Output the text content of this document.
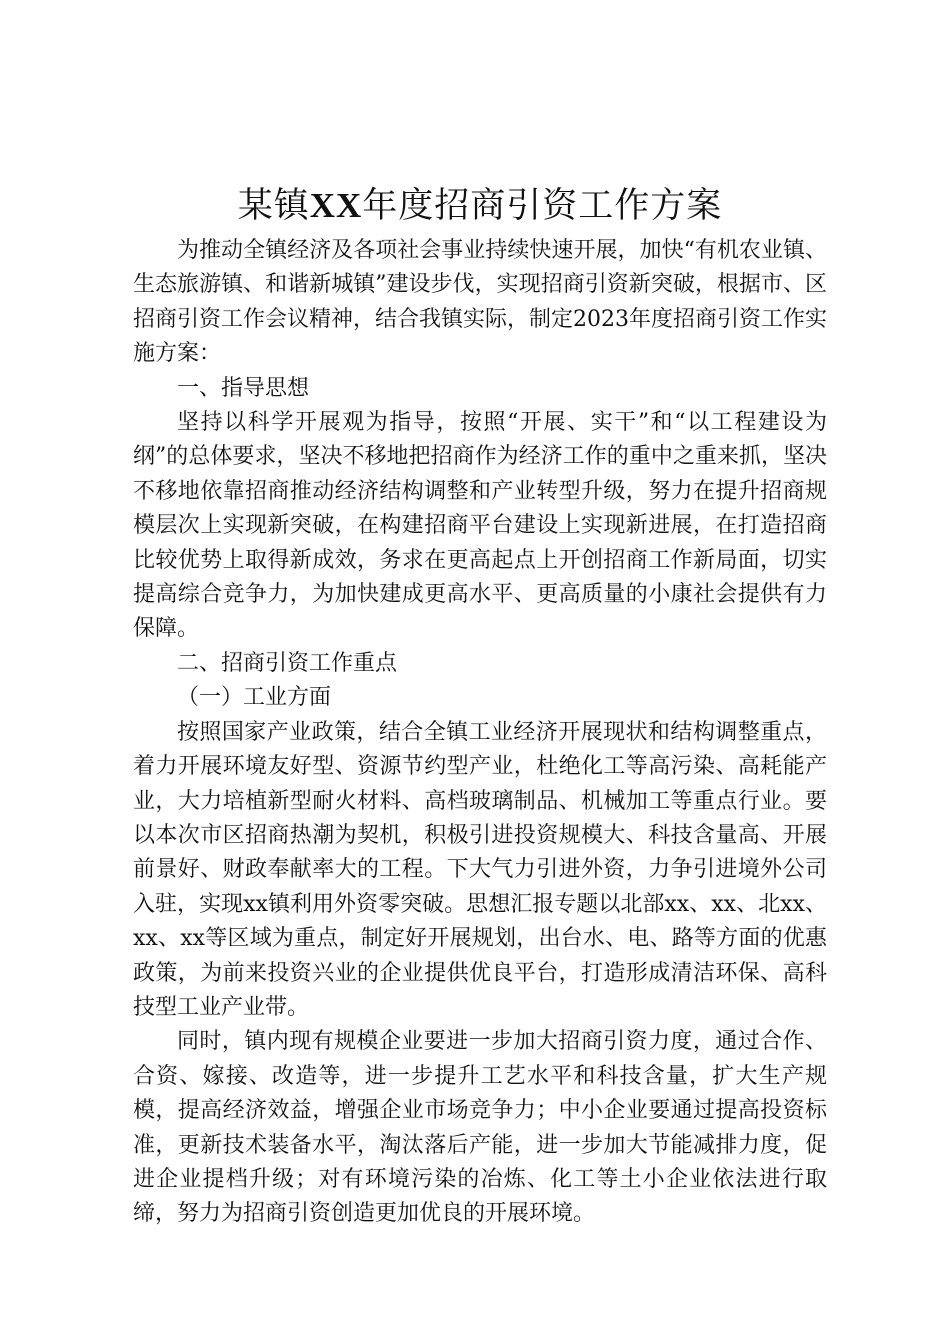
某镇XX年度招商引资工作方案

为推动全镇经济及各项社会事业持续快速开展，加快“有机农业镇、生态旅游镇、和谐新城镇”建设步伐，实现招商引资新突破，根据市、区招商引资工作会议精神，结合我镇实际，制定2023年度招商引资工作实施方案：

一、指导思想

坚持以科学开展观为指导，按照“开展、实干”和“以工程建设为纲”的总体要求，坚决不移地把招商作为经济工作的重中之重来抓，坚决不移地依靠招商推动经济结构调整和产业转型升级，努力在提升招商规模层次上实现新突破，在构建招商平台建设上实现新进展，在打造招商比较优势上取得新成效，务求在更高起点上开创招商工作新局面，切实提高综合竞争力，为加快建成更高水平、更高质量的小康社会提供有力保障。

二、招商引资工作重点

（一）工业方面

按照国家产业政策，结合全镇工业经济开展现状和结构调整重点，着力开展环境友好型、资源节约型产业，杜绝化工等高污染、高耗能产业，大力培植新型耐火材料、高档玻璃制品、机械加工等重点行业。要以本次市区招商热潮为契机，积极引进投资规模大、科技含量高、开展前景好、财政奉献率大的工程。下大气力引进外资，力争引进境外公司入驻，实现xx镇利用外资零突破。思想汇报专题以北部xx、xx、北xx、xx、xx等区域为重点，制定好开展规划，出台水、电、路等方面的优惠政策，为前来投资兴业的企业提供优良平台，打造形成清洁环保、高科技型工业产业带。

同时，镇内现有规模企业要进一步加大招商引资力度，通过合作、合资、嫁接、改造等，进一步提升工艺水平和科技含量，扩大生产规模，提高经济效益，增强企业市场竞争力；中小企业要通过提高投资标准，更新技术装备水平，淘汰落后产能，进一步加大节能减排力度，促进企业提档升级；对有环境污染的冶炼、化工等土小企业依法进行取缔，努力为招商引资创造更加优良的开展环境。
